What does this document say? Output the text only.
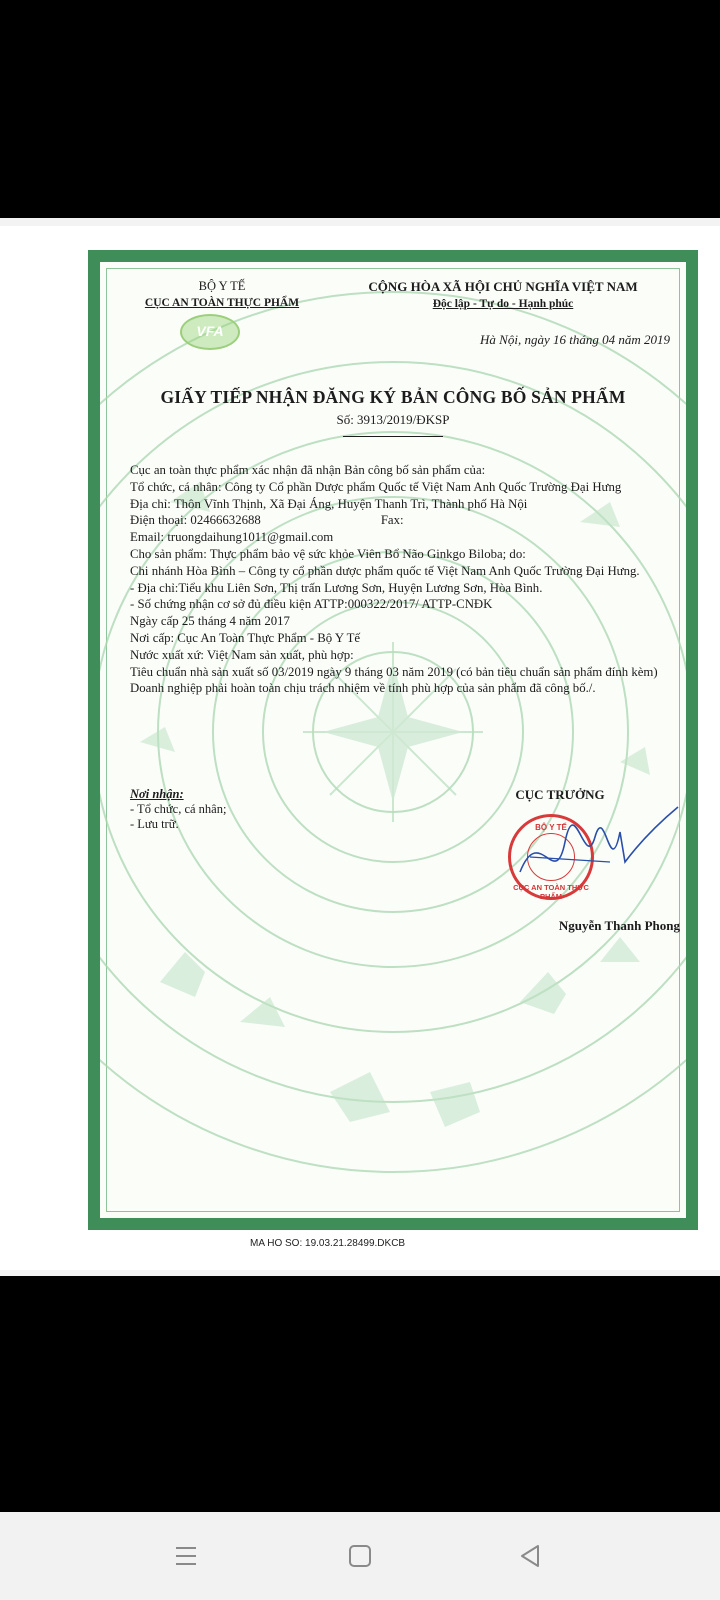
BỘ Y TẾ
CỤC AN TOÀN THỰC PHẨM
VFA
CỘNG HÒA XÃ HỘI CHỦ NGHĨA VIỆT NAM
Độc lập - Tự do - Hạnh phúc
Hà Nội, ngày 16 tháng 04 năm 2019
GIẤY TIẾP NHẬN ĐĂNG KÝ BẢN CÔNG BỐ SẢN PHẨM
Số: 3913/2019/ĐKSP

Cục an toàn thực phẩm xác nhận đã nhận Bản công bố sản phẩm của:

Tổ chức, cá nhân: Công ty Cổ phần Dược phẩm Quốc tế Việt Nam Anh Quốc Trường Đại Hưng

Địa chỉ: Thôn Vĩnh Thịnh, Xã Đại Áng, Huyện Thanh Trì, Thành phố Hà Nội

Điện thoại: 02466632688	Fax:

Email: truongdaihung1011@gmail.com

Cho sản phẩm: Thực phẩm bảo vệ sức khỏe Viên Bổ Não Ginkgo Biloba; do:

Chi nhánh Hòa Bình – Công ty cổ phần dược phẩm quốc tế Việt Nam Anh Quốc Trường Đại Hưng.

- Địa chỉ:Tiểu khu Liên Sơn, Thị trấn Lương Sơn, Huyện Lương Sơn, Hòa Bình.

- Số chứng nhận cơ sở đủ điều kiện ATTP:000322/2017/ ATTP-CNĐK

Ngày cấp 25 tháng 4 năm 2017

Nơi cấp: Cục An Toàn Thực Phẩm - Bộ Y Tế

Nước xuất xứ: Việt Nam sản xuất, phù hợp:

Tiêu chuẩn nhà sản xuất số 03/2019 ngày 9 tháng 03 năm 2019 (có bản tiêu chuẩn sản phẩm đính kèm)

Doanh nghiệp phải hoàn toàn chịu trách nhiệm về tính phù hợp của sản phẩm đã công bố./.

Nơi nhận:
- Tổ chức, cá nhân;
- Lưu trữ.
CỤC TRƯỞNG
BỘ Y TẾ
CỤC AN TOÀN THỰC PHẨM
Nguyễn Thanh Phong
MA HO SO: 19.03.21.28499.DKCB
